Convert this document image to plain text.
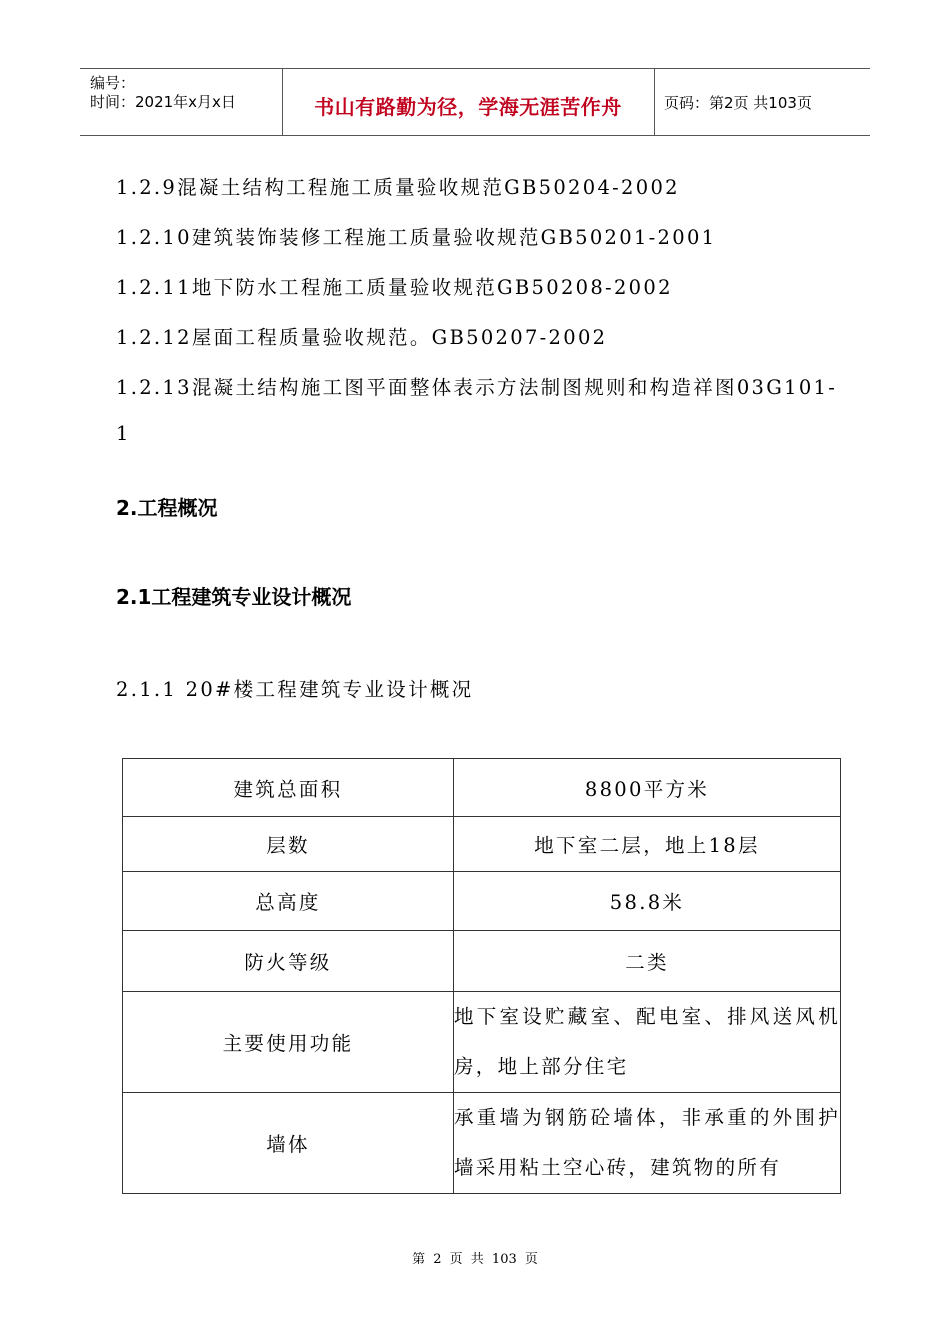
编号：
时间：2021年x月x日	书山有路勤为径，学海无涯苦作舟	页码：第2页 共103页
1.2.9混凝土结构工程施工质量验收规范GB50204-2002
1.2.10建筑装饰装修工程施工质量验收规范GB50201-2001
1.2.11地下防水工程施工质量验收规范GB50208-2002
1.2.12屋面工程质量验收规范。GB50207-2002
1.2.13混凝土结构施工图平面整体表示方法制图规则和构造祥图03G101-
1
2.工程概况
2.1工程建筑专业设计概况
2.1.1 20#楼工程建筑专业设计概况
建筑总面积	8800平方米
层数	地下室二层，地上18层
总高度	58.8米
防火等级	二类
主要使用功能	地下室设贮藏室、配电室、排风送风机房，地上部分住宅
墙体	承重墙为钢筋砼墙体，非承重的外围护墙采用粘土空心砖，建筑物的所有
第 2 页 共 103 页
